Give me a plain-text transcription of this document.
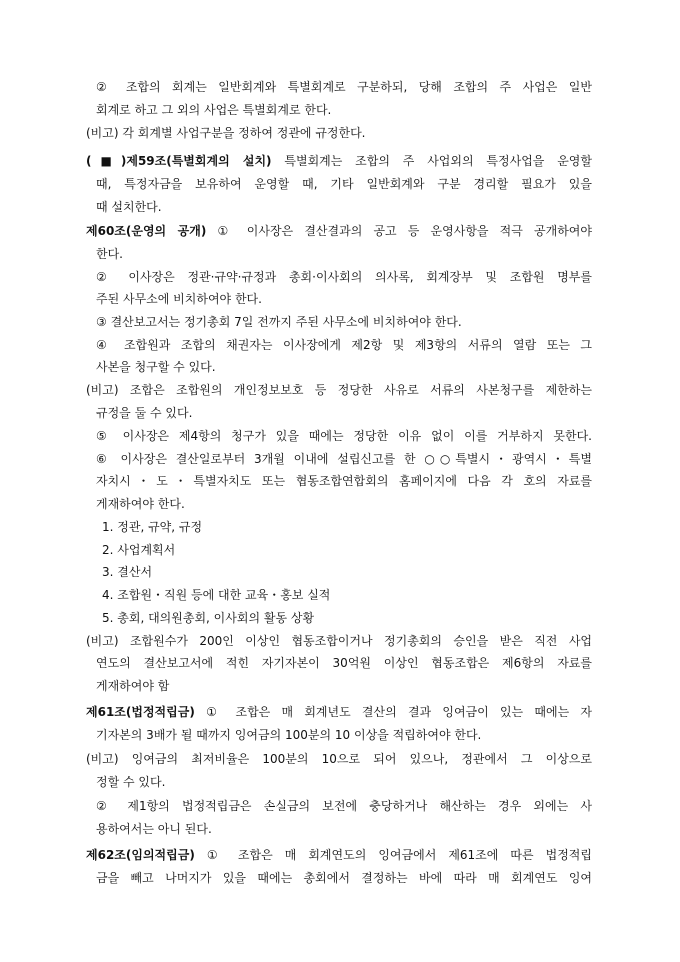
② 조합의 회계는 일반회계와 특별회계로 구분하되, 당해 조합의 주 사업은 일반

회계로 하고 그 외의 사업은 특별회계로 한다.

(비고) 각 회계별 사업구분을 정하여 정관에 규정한다.

(■)제59조(특별회계의 설치) 특별회계는 조합의 주 사업외의 특정사업을 운영할

때, 특정자금을 보유하여 운영할 때, 기타 일반회계와 구분 경리할 필요가 있을

때 설치한다.

제60조(운영의 공개) ① 이사장은 결산결과의 공고 등 운영사항을 적극 공개하여야

한다.

② 이사장은 정관·규약·규정과 총회·이사회의 의사록, 회계장부 및 조합원 명부를

주된 사무소에 비치하여야 한다.

③ 결산보고서는 정기총회 7일 전까지 주된 사무소에 비치하여야 한다.

④ 조합원과 조합의 채권자는 이사장에게 제2항 및 제3항의 서류의 열람 또는 그

사본을 청구할 수 있다.

(비고) 조합은 조합원의 개인정보보호 등 정당한 사유로 서류의 사본청구를 제한하는

규정을 둘 수 있다.

⑤ 이사장은 제4항의 청구가 있을 때에는 정당한 이유 없이 이를 거부하지 못한다.

⑥ 이사장은 결산일로부터 3개월 이내에 설립신고를 한 ○○특별시・광역시・특별

자치시・도・특별자치도 또는 협동조합연합회의 홈페이지에 다음 각 호의 자료를

게재하여야 한다.

1. 정관, 규약, 규정

2. 사업계획서

3. 결산서

4. 조합원・직원 등에 대한 교육・홍보 실적

5. 총회, 대의원총회, 이사회의 활동 상황

(비고) 조합원수가 200인 이상인 협동조합이거나 정기총회의 승인을 받은 직전 사업

연도의 결산보고서에 적힌 자기자본이 30억원 이상인 협동조합은 제6항의 자료를

게재하여야 함

제61조(법정적립금) ① 조합은 매 회계년도 결산의 결과 잉여금이 있는 때에는 자

기자본의 3배가 될 때까지 잉여금의 100분의 10 이상을 적립하여야 한다.

(비고) 잉여금의 최저비율은 100분의 10으로 되어 있으나, 정관에서 그 이상으로

정할 수 있다.

② 제1항의 법정적립금은 손실금의 보전에 충당하거나 해산하는 경우 외에는 사

용하여서는 아니 된다.

제62조(임의적립금) ① 조합은 매 회계연도의 잉여금에서 제61조에 따른 법정적립

금을 빼고 나머지가 있을 때에는 총회에서 결정하는 바에 따라 매 회계연도 잉여
